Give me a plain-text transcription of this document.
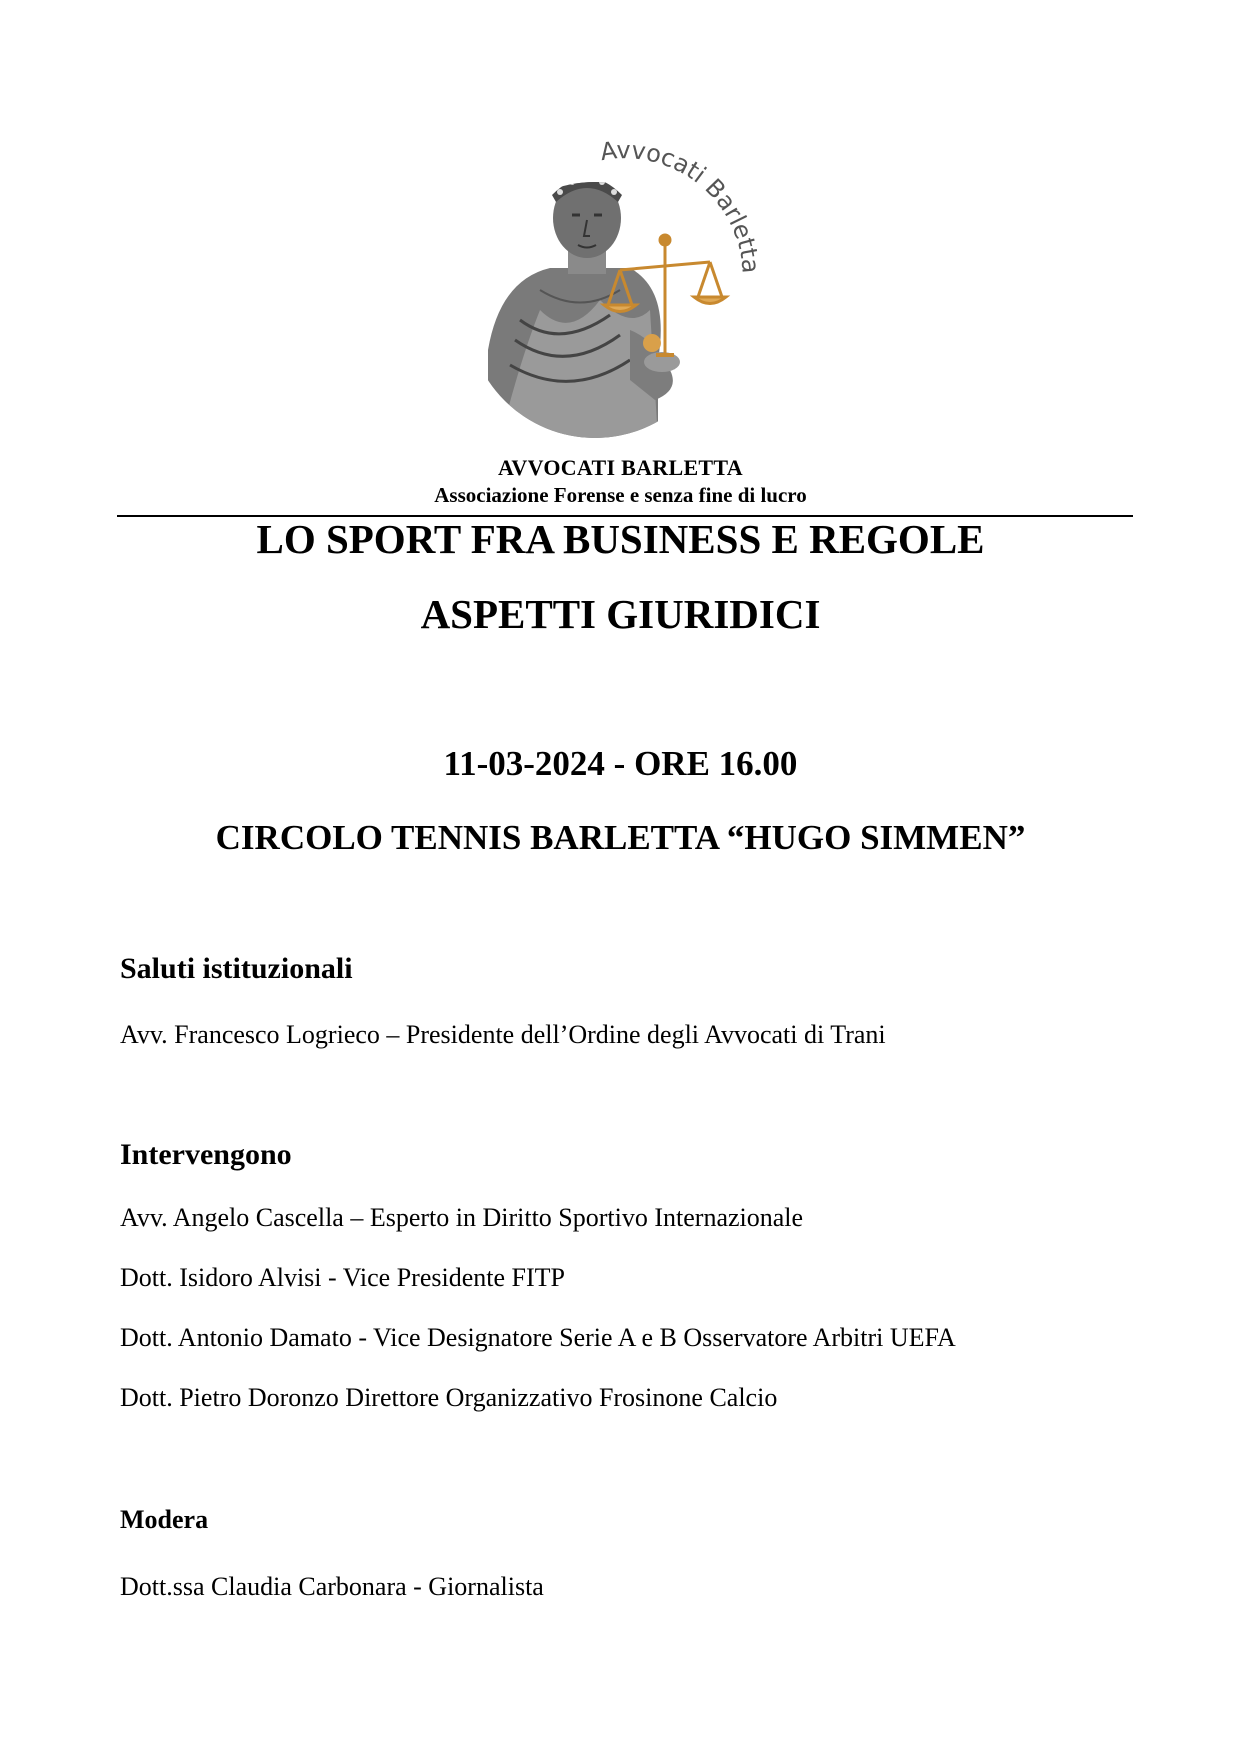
Avvocati Barletta
AVVOCATI BARLETTA
Associazione Forense e senza fine di lucro
LO SPORT FRA BUSINESS E REGOLE
ASPETTI GIURIDICI
11-03-2024 - ORE 16.00
CIRCOLO TENNIS BARLETTA “HUGO SIMMEN”
Saluti istituzionali
Avv. Francesco Logrieco – Presidente dell’Ordine degli Avvocati di Trani
Intervengono
Avv. Angelo Cascella – Esperto in Diritto Sportivo Internazionale
Dott. Isidoro Alvisi - Vice Presidente FITP
Dott. Antonio Damato - Vice Designatore Serie A e B Osservatore Arbitri UEFA
Dott. Pietro Doronzo Direttore Organizzativo Frosinone Calcio
Modera
Dott.ssa Claudia Carbonara - Giornalista
